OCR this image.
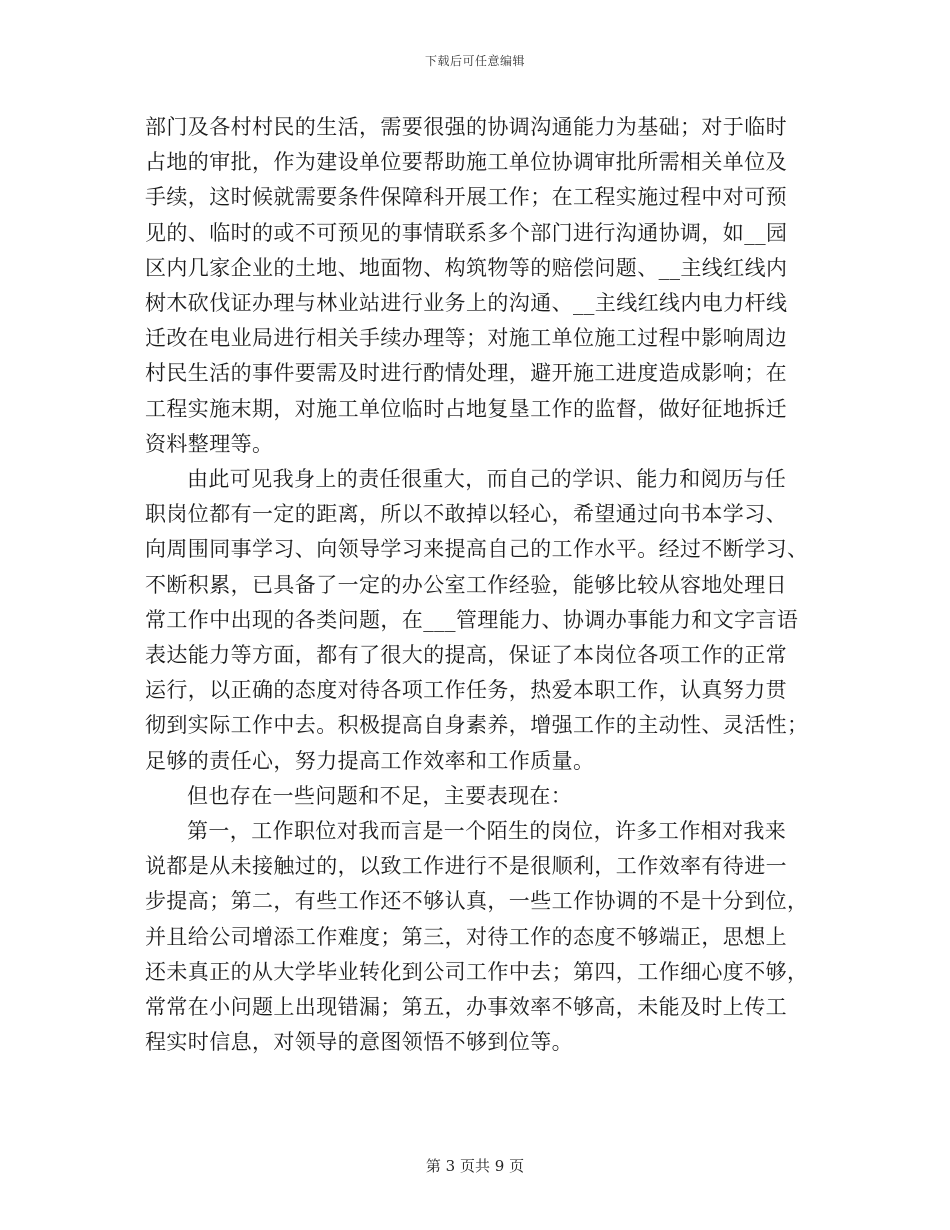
下载后可任意编辑

部门及各村村民的生活，需要很强的协调沟通能力为基础；对于临时
占地的审批，作为建设单位要帮助施工单位协调审批所需相关单位及
手续，这时候就需要条件保障科开展工作；在工程实施过程中对可预
见的、临时的或不可预见的事情联系多个部门进行沟通协调，如__园
区内几家企业的土地、地面物、构筑物等的赔偿问题、__主线红线内
树木砍伐证办理与林业站进行业务上的沟通、__主线红线内电力杆线
迁改在电业局进行相关手续办理等；对施工单位施工过程中影响周边
村民生活的事件要需及时进行酌情处理，避开施工进度造成影响；在
工程实施末期，对施工单位临时占地复垦工作的监督，做好征地拆迁
资料整理等。

由此可见我身上的责任很重大，而自己的学识、能力和阅历与任
职岗位都有一定的距离，所以不敢掉以轻心，希望通过向书本学习、
向周围同事学习、向领导学习来提高自己的工作水平。经过不断学习、
不断积累，已具备了一定的办公室工作经验，能够比较从容地处理日
常工作中出现的各类问题，在___管理能力、协调办事能力和文字言语
表达能力等方面，都有了很大的提高，保证了本岗位各项工作的正常
运行，以正确的态度对待各项工作任务，热爱本职工作，认真努力贯
彻到实际工作中去。积极提高自身素养，增强工作的主动性、灵活性；
足够的责任心，努力提高工作效率和工作质量。

但也存在一些问题和不足，主要表现在：

第一，工作职位对我而言是一个陌生的岗位，许多工作相对我来
说都是从未接触过的，以致工作进行不是很顺利，工作效率有待进一
步提高；第二，有些工作还不够认真，一些工作协调的不是十分到位，
并且给公司增添工作难度；第三，对待工作的态度不够端正，思想上
还未真正的从大学毕业转化到公司工作中去；第四，工作细心度不够，
常常在小问题上出现错漏；第五，办事效率不够高，未能及时上传工
程实时信息，对领导的意图领悟不够到位等。

第 3 页共 9 页
